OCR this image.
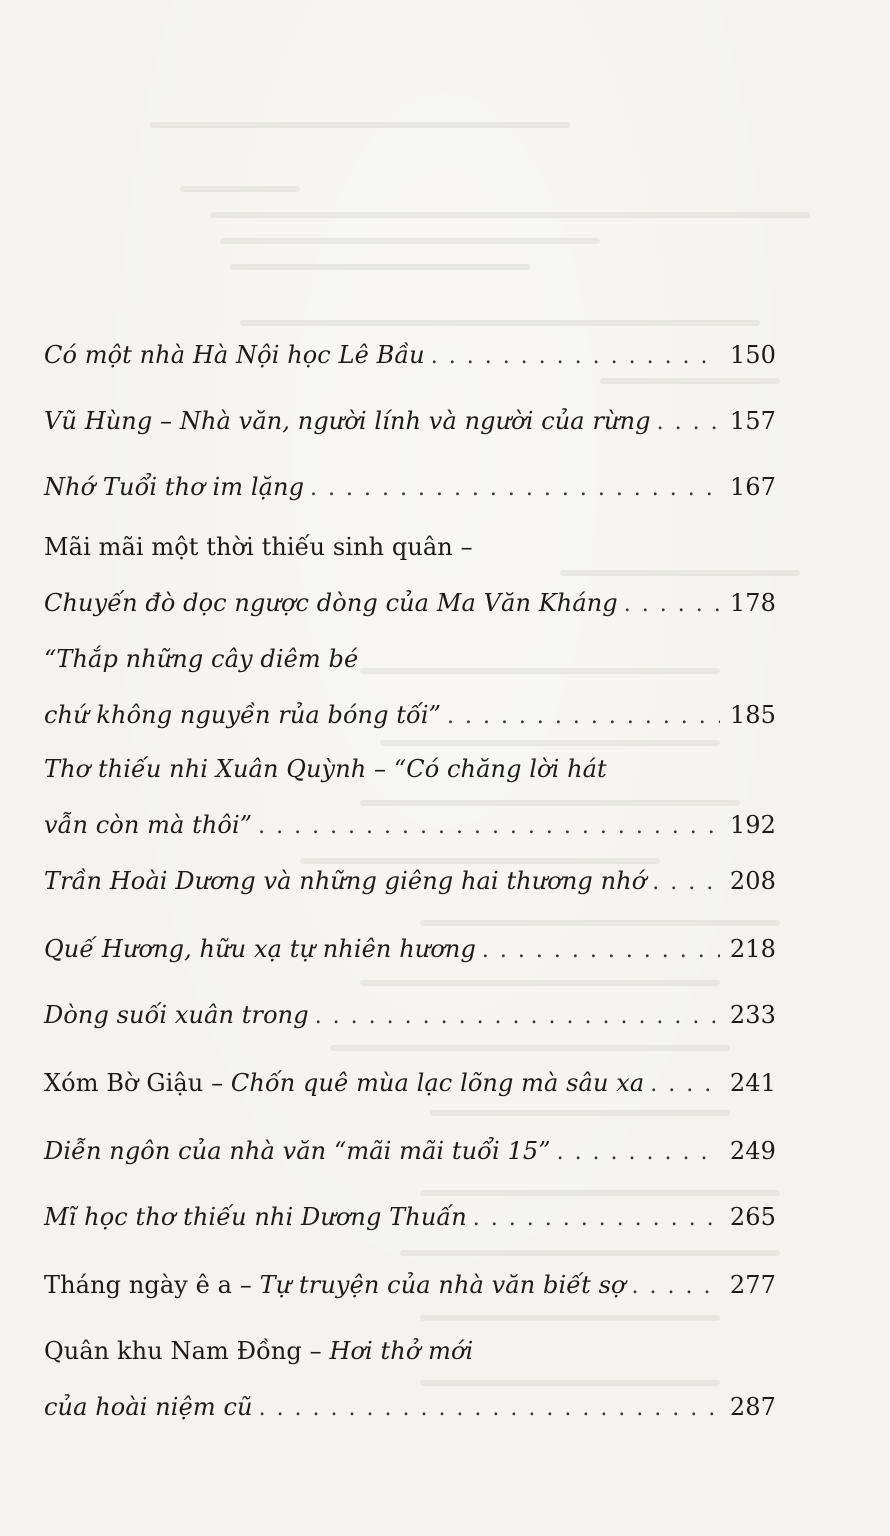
Có một nhà Hà Nội học Lê Bầu . . .	150
Vũ Hùng – Nhà văn, người lính và người của rừng . . .	157
Nhớ Tuổi thơ im lặng . . .	167
Mãi mãi một thời thiếu sinh quân –
Chuyến đò dọc ngược dòng của Ma Văn Kháng . . .	178
“Thắp những cây diêm bé
chứ không nguyền rủa bóng tối” . . .	185
Thơ thiếu nhi Xuân Quỳnh – “Có chăng lời hát
vẫn còn mà thôi” . . .	192
Trần Hoài Dương và những giêng hai thương nhớ . . .	208
Quế Hương, hữu xạ tự nhiên hương . . .	218
Dòng suối xuân trong . . .	233
Xóm Bờ Giậu – Chốn quê mùa lạc lõng mà sâu xa . . .	241
Diễn ngôn của nhà văn “mãi mãi tuổi 15” . . .	249
Mĩ học thơ thiếu nhi Dương Thuấn . . .	265
Tháng ngày ê a – Tự truyện của nhà văn biết sợ . . .	277
Quân khu Nam Đồng – Hơi thở mới
của hoài niệm cũ . . .	287
